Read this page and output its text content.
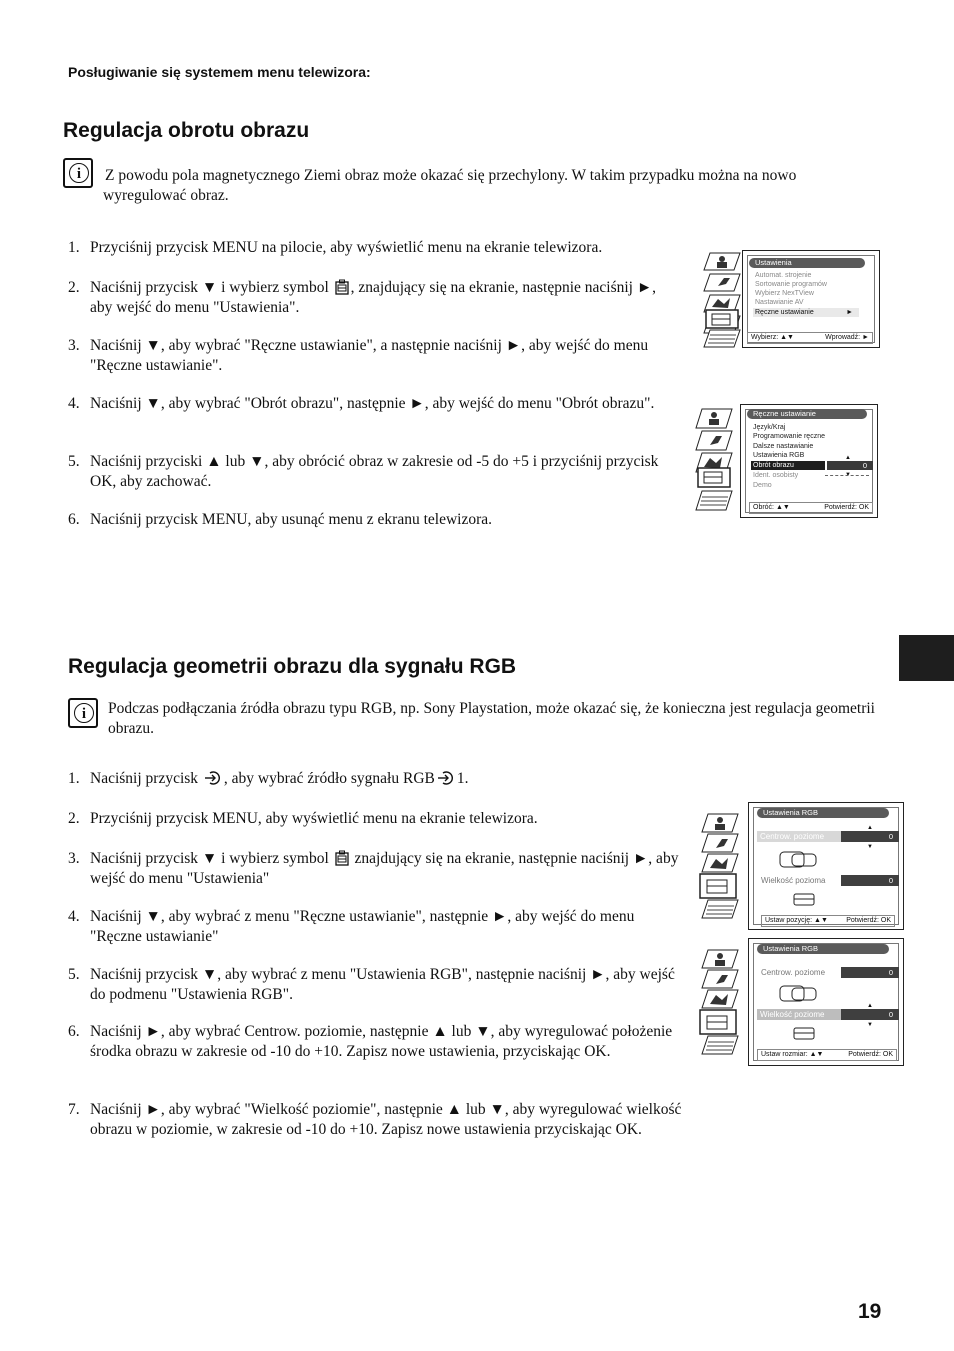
Posługiwanie się systemem menu telewizora:
Regulacja obrotu obrazu
i	Z powodu pola magnetycznego Ziemi obraz może okazać się przechylony. W takim przypadku można na nowo wyregulować obraz.
1. Przyciśnij przycisk MENU na pilocie, aby wyświetlić menu na ekranie telewizora.
2. Naciśnij przycisk ▼ i wybierz symbol , znajdujący się na ekranie, następnie naciśnij ►, aby wejść do menu "Ustawienia".
3. Naciśnij ▼, aby wybrać "Ręczne ustawianie", a następnie naciśnij ►, aby wejść do menu "Ręczne ustawianie".
4. Naciśnij ▼, aby wybrać "Obrót obrazu", następnie ►, aby wejść do menu "Obrót obrazu".
5. Naciśnij przyciski ▲ lub ▼, aby obrócić obraz w zakresie od -5 do +5 i przyciśnij przycisk OK, aby zachować.
6. Naciśnij przycisk MENU, aby usunąć menu z ekranu telewizora.
Regulacja geometrii obrazu dla sygnału RGB
i	Podczas podłączania źródła obrazu typu RGB, np. Sony Playstation, może okazać się, że konieczna jest regulacja geometrii obrazu.
1. Naciśnij przycisk , aby wybrać źródło sygnału RGB 1.
2. Przyciśnij przycisk MENU, aby wyświetlić menu na ekranie telewizora.
3. Naciśnij przycisk ▼ i wybierz symbol  znajdujący się na ekranie, następnie naciśnij ►, aby wejść do menu "Ustawienia"
4. Naciśnij ▼, aby wybrać z menu "Ręczne ustawianie", następnie ►, aby wejść do menu "Ręczne ustawianie"
5. Naciśnij przycisk ▼, aby wybrać z menu "Ustawienia RGB", następnie naciśnij ►, aby wejść do podmenu "Ustawienia RGB".
6. Naciśnij ►, aby wybrać Centrow. poziomie, następnie ▲ lub ▼, aby wyregulować położenie środka obrazu w zakresie od -10 do +10. Zapisz nowe ustawienia, przyciskając OK.
7. Naciśnij ►, aby wybrać "Wielkość poziomie", następnie ▲ lub ▼, aby wyregulować wielkość obrazu w poziomie, w zakresie od -10 do +10. Zapisz nowe ustawienia przyciskając OK.
19
Ustawienia
Automat. strojenie
Sortowanie programów
Wybierz NexTView
Nastawianie AV
Ręczne ustawianie	►
Wybierz: ▲▼	Wprowadź: ►
Ręczne ustawianie
Język/Kraj
Programowanie ręczne
Dalsze nastawianie
Ustawienia RGB
Obrót obrazu
▲
0
▼
Ident. osobisty
Demo
Obróć: ▲▼	Potwierdź: OK
Ustawienia RGB
▲
Centrow. poziome	0
▼
Wielkość pozioma	0
Ustaw pozycję: ▲▼	Potwierdź: OK
Ustawienia RGB
Centrow. poziome	0
▲
Wielkość poziome	0
▼
Ustaw rozmiar: ▲▼	Potwierdź: OK
